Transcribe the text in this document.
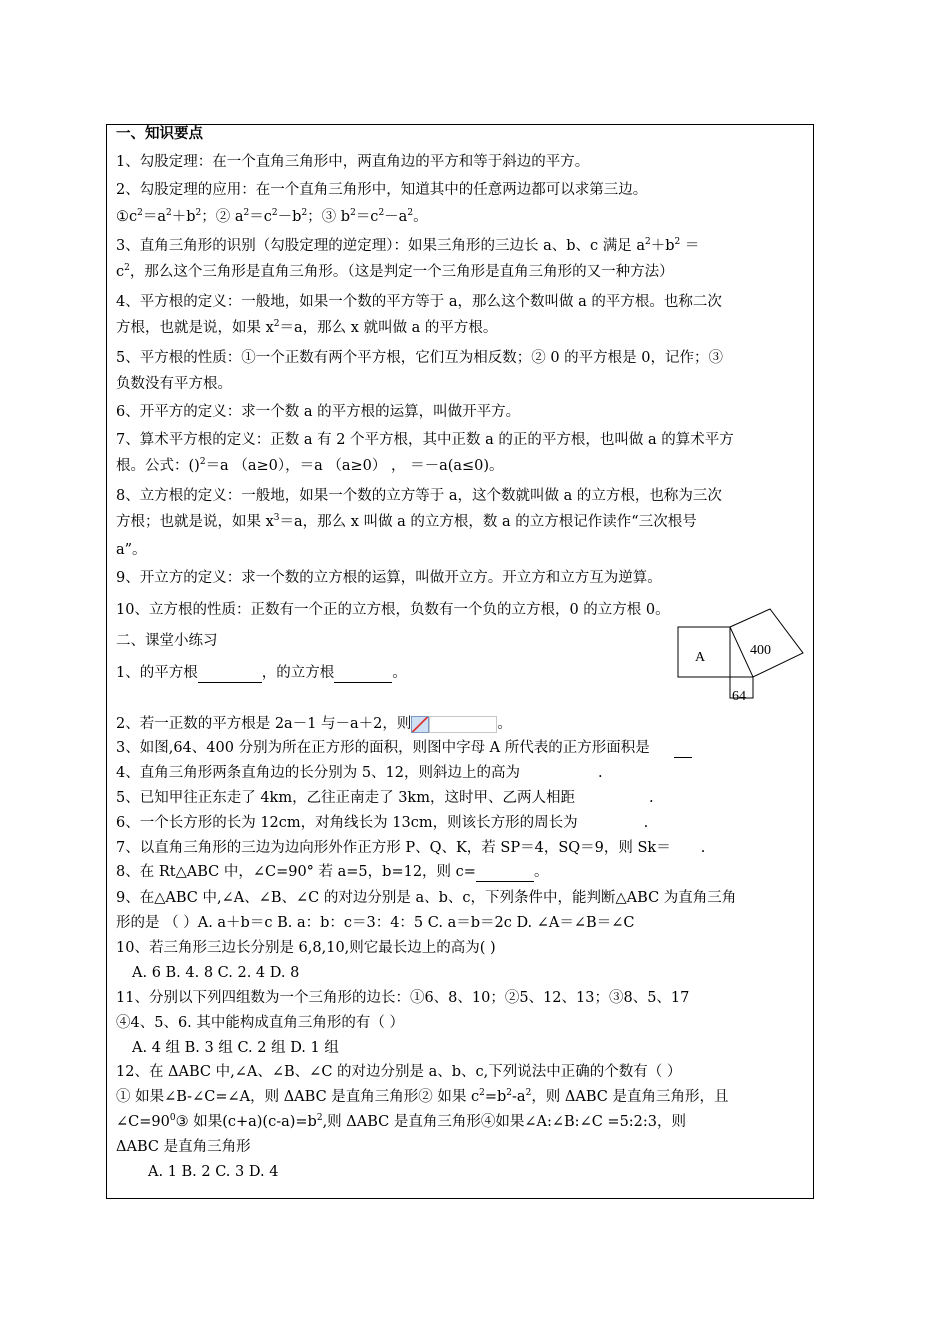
一、知识要点
1、勾股定理：在一个直角三角形中，两直角边的平方和等于斜边的平方。
2、勾股定理的应用：在一个直角三角形中，知道其中的任意两边都可以求第三边。
$①c^2=a^2+b^2$；② $a^2=c^2-b^2$；③ $b^2=c^2-a^2$。
3、直角三角形的识别（勾股定理的逆定理）：如果三角形的三边长 a、b、c 满足 $a^2+b^2$ ＝
$c^2$，那么这个三角形是直角三角形。（这是判定一个三角形是直角三角形的又一种方法）
4、平方根的定义：一般地，如果一个数的平方等于 a，那么这个数叫做 a 的平方根。也称二次
方根，也就是说，如果 $x^2=a$，那么 x 就叫做 a 的平方根。
5、平方根的性质：①一个正数有两个平方根，它们互为相反数；② 0 的平方根是 0，记作；③
负数没有平方根。
6、开平方的定义：求一个数 a 的平方根的运算，叫做开平方。
7、算术平方根的定义：正数 a 有 2 个平方根，其中正数 a 的正的平方根，也叫做 a 的算术平方
根。公式：()$^2$＝a （a≥0），＝a （a≥0） ， ＝－a(a≤0)。
8、立方根的定义：一般地，如果一个数的立方等于 a，这个数就叫做 a 的立方根，也称为三次
方根；也就是说，如果 $x^3=a$，那么 x 叫做 a 的立方根，数 a 的立方根记作读作“三次根号
a”。
9、开立方的定义：求一个数的立方根的运算，叫做开立方。开立方和立方互为逆算。
10、立方根的性质：正数有一个正的立方根，负数有一个负的立方根，0 的立方根 0。
二、课堂小练习
A	400
64
1、的平方根	，的立方根	。
2、若一正数的平方根是 2a－1 与－a＋2，则	。
3、如图,64、400 分别为所在正方形的面积，则图中字母 A 所代表的正方形面积是
4、直角三角形两条直角边的长分别为 5、12，则斜边上的高为	.
5、已知甲往正东走了 4km，乙往正南走了 3km，这时甲、乙两人相距	.
6、一个长方形的长为 12cm，对角线长为 13cm，则该长方形的周长为	.
7、以直角三角形的三边为边向形外作正方形 P、Q、K，若 SP＝4，SQ＝9，则 Sk＝ .
8、在 Rt△ABC 中，∠C=90° 若 a=5，b=12，则 c=	。
9、在△ABC 中,∠A、∠B、∠C 的对边分别是 a、b、c，下列条件中，能判断△ABC 为直角三角
形的是 （ ）A. a＋b＝c B. a：b：c＝3：4：5 C. a＝b＝2c D. ∠A＝∠B＝∠C
10、若三角形三边长分别是 6,8,10,则它最长边上的高为( )
A. 6 B. 4. 8 C. 2. 4 D. 8
11、分别以下列四组数为一个三角形的边长：①6、8、10；②5、12、13；③8、5、17
④4、5、6. 其中能构成直角三角形的有（ ）
A. 4 组 B. 3 组 C. 2 组 D. 1 组
12、在 ΔABC 中,∠A、∠B、∠C 的对边分别是 a、b、c,下列说法中正确的个数有（ ）
① 如果∠B-∠C=∠A，则 ΔABC 是直角三角形② 如果 $c^2=b^2-a^2$，则 ΔABC 是直角三角形，且
$\angle C=90^0③$ 如果$(c+a)(c-a)=b^2$,则 ΔABC 是直角三角形④如果∠A:∠B:∠C =5:2:3，则
ΔABC 是直角三角形
A. 1 B. 2 C. 3 D. 4
